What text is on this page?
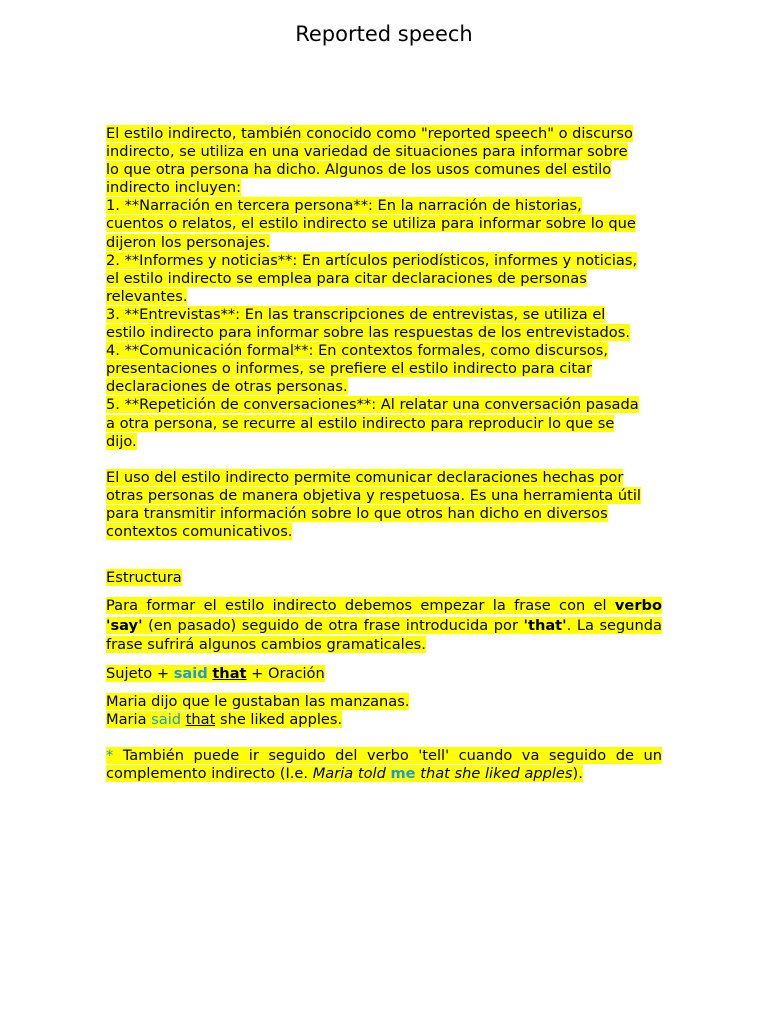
Reported speech

El estilo indirecto, también conocido como "reported speech" o discurso
indirecto, se utiliza en una variedad de situaciones para informar sobre
lo que otra persona ha dicho. Algunos de los usos comunes del estilo
indirecto incluyen:
1. **Narración en tercera persona**: En la narración de historias,
cuentos o relatos, el estilo indirecto se utiliza para informar sobre lo que
dijeron los personajes.
2. **Informes y noticias**: En artículos periodísticos, informes y noticias,
el estilo indirecto se emplea para citar declaraciones de personas
relevantes.
3. **Entrevistas**: En las transcripciones de entrevistas, se utiliza el
estilo indirecto para informar sobre las respuestas de los entrevistados.
4. **Comunicación formal**: En contextos formales, como discursos,
presentaciones o informes, se prefiere el estilo indirecto para citar
declaraciones de otras personas.
5. **Repetición de conversaciones**: Al relatar una conversación pasada
a otra persona, se recurre al estilo indirecto para reproducir lo que se
dijo.

El uso del estilo indirecto permite comunicar declaraciones hechas por
otras personas de manera objetiva y respetuosa. Es una herramienta útil
para transmitir información sobre lo que otros han dicho en diversos
contextos comunicativos.

Estructura

Para formar el estilo indirecto debemos empezar la frase con el verbo 'say' (en pasado) seguido de otra frase introducida por 'that'. La segunda frase sufrirá algunos cambios gramaticales.

Sujeto + said that + Oración

Maria dijo que le gustaban las manzanas.
Maria said that she liked apples.

* También puede ir seguido del verbo 'tell' cuando va seguido de un complemento indirecto (I.e. Maria told me that she liked apples).
